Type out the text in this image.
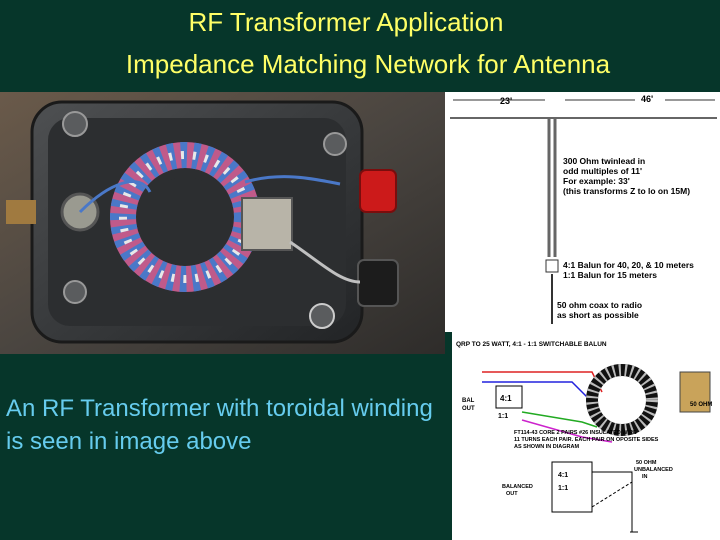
RF Transformer Application
Impedance Matching Network for Antenna
An RF Transformer with toroidal winding is seen in image above
23'	46'
300 Ohm twinlead in odd multiples of 11' For example: 33' (this transforms Z to lo on 15M)
4:1 Balun for 40, 20, & 10 meters 1:1 Balun for 15 meters
50 ohm coax to radio as short as possible
QRP TO 25 WATT, 4:1 - 1:1 SWITCHABLE BALUN
4:1
1:1
BAL OUT
50 OHM
FT114-43 CORE 2 PAIRS #26 INSULATED WIRE 11 TURNS EACH PAIR. EACH PAIR ON OPOSITE SIDES AS SHOWN IN DIAGRAM
4:1
1:1
BALANCED OUT
50 OHM UNBALANCED IN
